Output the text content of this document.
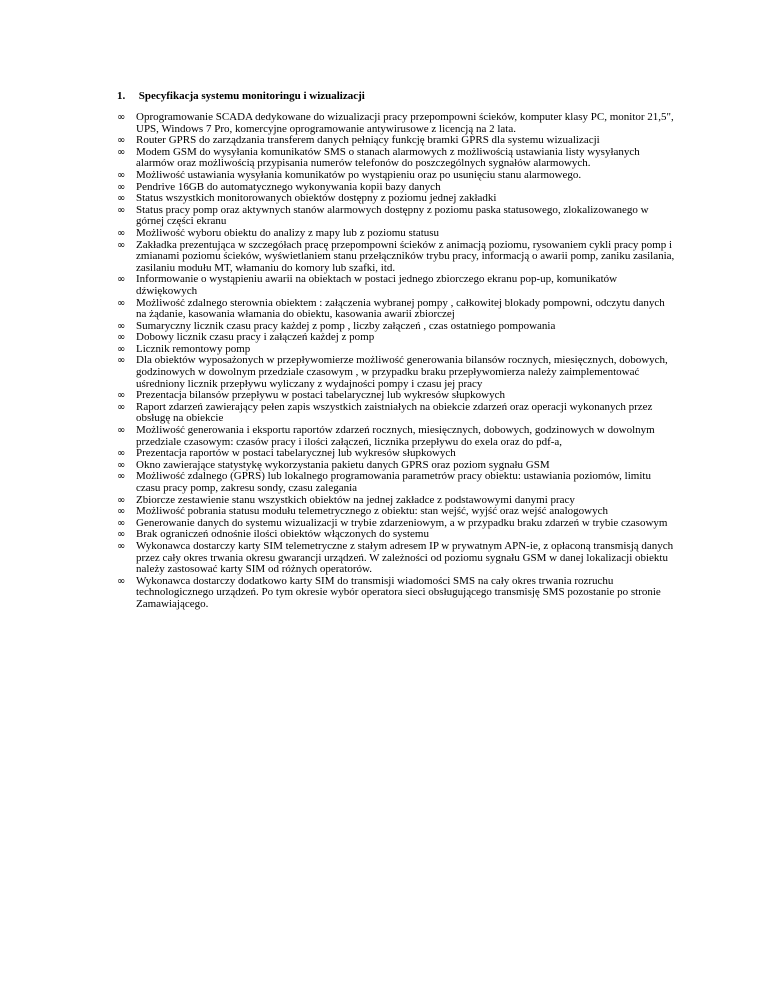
1. Specyfikacja systemu monitoringu i wizualizacji
∞ Oprogramowanie SCADA dedykowane do wizualizacji pracy przepompowni ścieków, komputer klasy PC, monitor 21,5", UPS, Windows 7 Pro, komercyjne oprogramowanie antywirusowe z licencją na 2 lata.
∞ Router GPRS do zarządzania transferem danych pełniący funkcję bramki GPRS dla systemu wizualizacji
∞ Modem GSM do wysyłania komunikatów SMS o stanach alarmowych z możliwością ustawiania listy wysyłanych alarmów oraz możliwością przypisania numerów telefonów do poszczególnych sygnałów alarmowych.
∞ Możliwość ustawiania wysyłania komunikatów po wystąpieniu oraz po usunięciu stanu alarmowego.
∞ Pendrive 16GB do automatycznego wykonywania kopii bazy danych
∞ Status wszystkich monitorowanych obiektów dostępny z poziomu jednej zakładki
∞ Status pracy pomp oraz aktywnych stanów alarmowych dostępny z poziomu paska statusowego, zlokalizowanego w górnej części ekranu
∞ Możliwość wyboru obiektu do analizy z mapy lub z poziomu statusu
∞ Zakładka prezentująca w szczegółach pracę przepompowni ścieków z animacją poziomu, rysowaniem cykli pracy pomp i zmianami poziomu ścieków, wyświetlaniem stanu przełączników trybu pracy, informacją o awarii pomp, zaniku zasilania, zasilaniu modułu MT, włamaniu do komory lub szafki, itd.
∞ Informowanie o wystąpieniu awarii na obiektach w postaci jednego zbiorczego ekranu pop-up, komunikatów dźwiękowych
∞ Możliwość zdalnego sterownia obiektem : załączenia wybranej pompy , całkowitej blokady pompowni, odczytu danych na żądanie, kasowania włamania do obiektu, kasowania awarii zbiorczej
∞ Sumaryczny licznik czasu pracy każdej z pomp , liczby załączeń , czas ostatniego pompowania
∞ Dobowy licznik czasu pracy i załączeń każdej z pomp
∞ Licznik remontowy pomp
∞ Dla obiektów wyposażonych w przepływomierze możliwość generowania bilansów rocznych, miesięcznych, dobowych, godzinowych w dowolnym przedziale czasowym , w przypadku braku przepływomierza należy zaimplementować uśredniony licznik przepływu wyliczany z wydajności pompy i czasu jej pracy
∞ Prezentacja bilansów przepływu w postaci tabelarycznej lub wykresów słupkowych
∞ Raport zdarzeń zawierający pełen zapis wszystkich zaistniałych na obiekcie zdarzeń oraz operacji wykonanych przez obsługę na obiekcie
∞ Możliwość generowania i eksportu raportów zdarzeń rocznych, miesięcznych, dobowych, godzinowych w dowolnym przedziale czasowym: czasów pracy i ilości załączeń, licznika przepływu do exela oraz do pdf-a,
∞ Prezentacja raportów w postaci tabelarycznej lub wykresów słupkowych
∞ Okno zawierające statystykę wykorzystania pakietu danych GPRS oraz poziom sygnału GSM
∞ Możliwość zdalnego (GPRS) lub lokalnego programowania parametrów pracy obiektu: ustawiania poziomów, limitu czasu pracy pomp, zakresu sondy, czasu zalegania
∞ Zbiorcze zestawienie stanu wszystkich obiektów na jednej zakładce z podstawowymi danymi pracy
∞ Możliwość pobrania statusu modułu telemetrycznego z obiektu: stan wejść, wyjść oraz wejść analogowych
∞ Generowanie danych do systemu wizualizacji w trybie zdarzeniowym, a w przypadku braku zdarzeń w trybie czasowym
∞ Brak ograniczeń odnośnie ilości obiektów włączonych do systemu
∞ Wykonawca dostarczy karty SIM telemetryczne z stałym adresem IP w prywatnym APN-ie, z opłaconą transmisją danych przez cały okres trwania okresu gwarancji urządzeń. W zależności od poziomu sygnału GSM w danej lokalizacji obiektu należy zastosować karty SIM od różnych operatorów.
∞ Wykonawca dostarczy dodatkowo karty SIM do transmisji wiadomości SMS na cały okres trwania rozruchu technologicznego urządzeń. Po tym okresie wybór operatora sieci obsługującego transmisję SMS pozostanie po stronie Zamawiającego.
